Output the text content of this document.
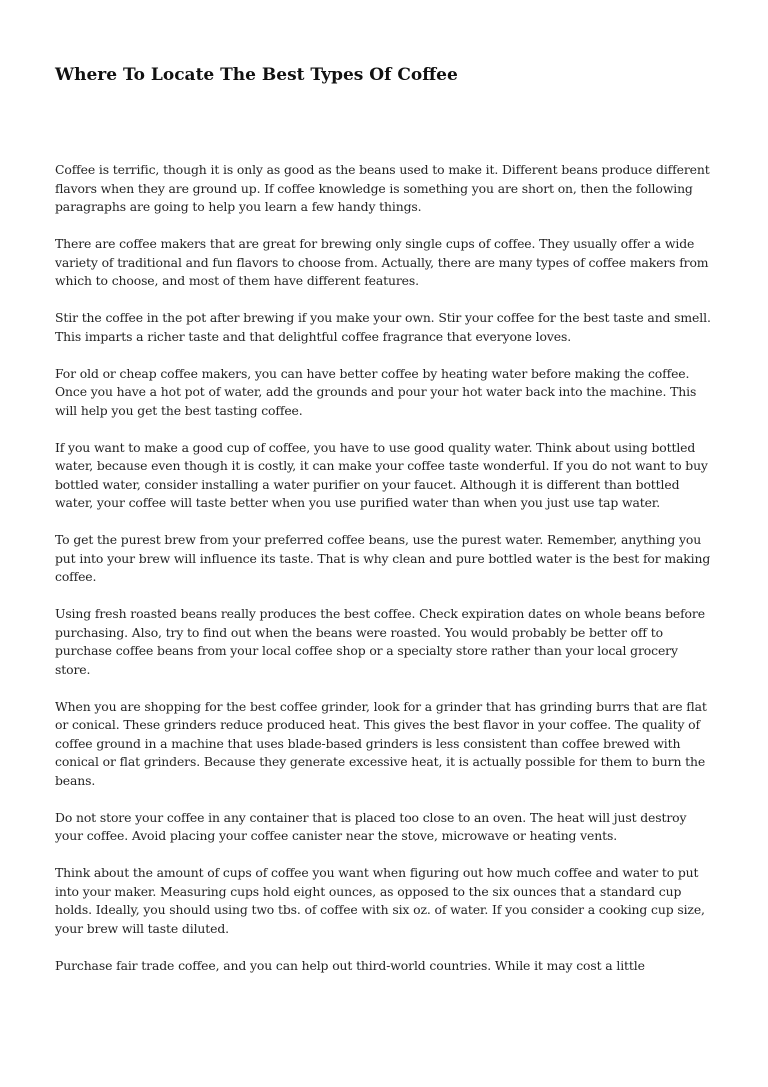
Where To Locate The Best Types Of Coffee

Coffee is terrific, though it is only as good as the beans used to make it. Different beans produce different flavors when they are ground up. If coffee knowledge is something you are short on, then the following paragraphs are going to help you learn a few handy things.

There are coffee makers that are great for brewing only single cups of coffee. They usually offer a wide variety of traditional and fun flavors to choose from. Actually, there are many types of coffee makers from which to choose, and most of them have different features.

Stir the coffee in the pot after brewing if you make your own. Stir your coffee for the best taste and smell. This imparts a richer taste and that delightful coffee fragrance that everyone loves.

For old or cheap coffee makers, you can have better coffee by heating water before making the coffee. Once you have a hot pot of water, add the grounds and pour your hot water back into the machine. This will help you get the best tasting coffee.

If you want to make a good cup of coffee, you have to use good quality water. Think about using bottled water, because even though it is costly, it can make your coffee taste wonderful. If you do not want to buy bottled water, consider installing a water purifier on your faucet. Although it is different than bottled water, your coffee will taste better when you use purified water than when you just use tap water.

To get the purest brew from your preferred coffee beans, use the purest water. Remember, anything you put into your brew will influence its taste. That is why clean and pure bottled water is the best for making coffee.

Using fresh roasted beans really produces the best coffee. Check expiration dates on whole beans before purchasing. Also, try to find out when the beans were roasted. You would probably be better off to purchase coffee beans from your local coffee shop or a specialty store rather than your local grocery store.

When you are shopping for the best coffee grinder, look for a grinder that has grinding burrs that are flat or conical. These grinders reduce produced heat. This gives the best flavor in your coffee. The quality of coffee ground in a machine that uses blade-based grinders is less consistent than coffee brewed with conical or flat grinders. Because they generate excessive heat, it is actually possible for them to burn the beans.

Do not store your coffee in any container that is placed too close to an oven. The heat will just destroy your coffee. Avoid placing your coffee canister near the stove, microwave or heating vents.

Think about the amount of cups of coffee you want when figuring out how much coffee and water to put into your maker. Measuring cups hold eight ounces, as opposed to the six ounces that a standard cup holds. Ideally, you should using two tbs. of coffee with six oz. of water. If you consider a cooking cup size, your brew will taste diluted.

Purchase fair trade coffee, and you can help out third-world countries. While it may cost a little
